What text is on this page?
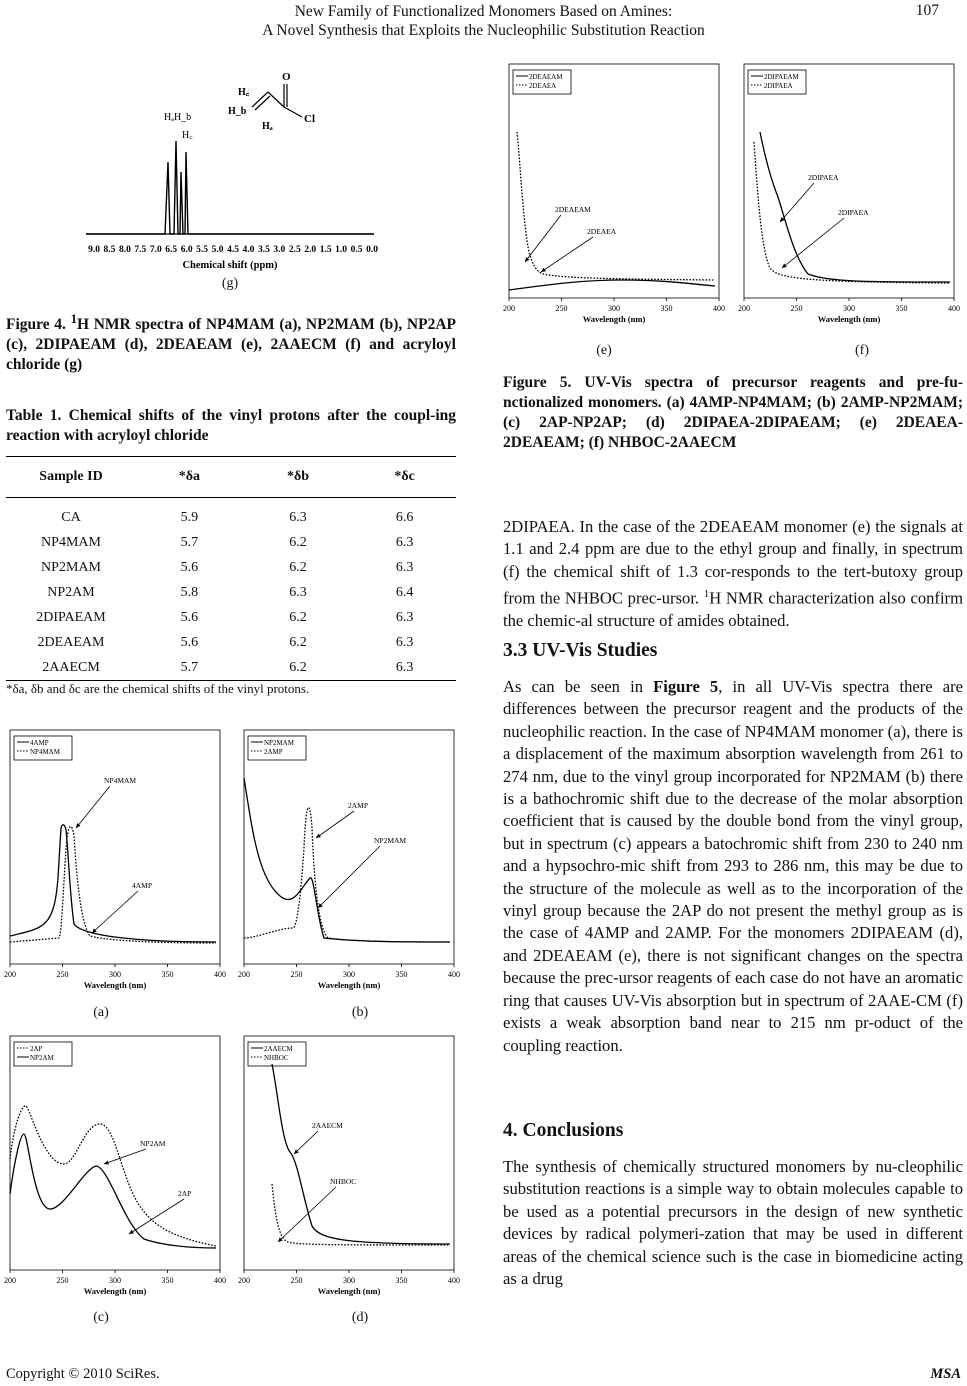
New Family of Functionalized Monomers Based on Amines:
A Novel Synthesis that Exploits the Nucleophilic Substitution Reaction
107
HₐH_b
H꜀
O
Cl
H꜀
H_b
Hₐ
9.0 8.5 8.0 7.5 7.0 6.5 6.0 5.5 5.0 4.5 4.0 3.5 3.0 2.5 2.0 1.5 1.0 0.5 0.0
Chemical shift (ppm)
(g)
Figure 4. $^1$H NMR spectra of NP4MAM (a), NP2MAM (b), NP2AP (c), 2DIPAEAM (d), 2DEAEAM (e), 2AAECM (f) and acryloyl chloride (g)
Table 1. Chemical shifts of the vinyl protons after the coupl-ing reaction with acryloyl chloride
Sample ID	*δa	*δb	*δc
CA	5.9	6.3	6.6
NP4MAM	5.7	6.2	6.3
NP2MAM	5.6	6.2	6.3
NP2AM	5.8	6.3	6.4
2DIPAEAM	5.6	6.2	6.3
2DEAEAM	5.6	6.2	6.3
2AAECM	5.7	6.2	6.3
*δa, δb and δc are the chemical shifts of the vinyl protons.
4AMP
NP4MAM
NP4MAM
4AMP
200	250	300	350	400
Wavelength (nm)
(a)
NP2MAM
2AMP
2AMP
NP2MAM
200	250	300	350	400
Wavelength (nm)
(b)
2AP
NP2AM
NP2AM
2AP
200	250	300	350	400
Wavelength (nm)
(c)
2AAECM
NHBOC
2AAECM
NHBOC
200	250	300	350	400
Wavelength (nm)
(d)
2DEAEAM
2DEAEA
2DEAEAM
2DEAEA
200	250	300	350	400
Wavelength (nm)
(e)
2DIPAEAM
2DIPAEA
2DIPAEA
2DIPAEA
200	250	300	350	400
Wavelength (nm)
(f)
Figure 5. UV-Vis spectra of precursor reagents and pre-fu-nctionalized monomers. (a) 4AMP-NP4MAM; (b) 2AMP-NP2MAM; (c) 2AP-NP2AP; (d) 2DIPAEA-2DIPAEAM; (e) 2DEAEA-2DEAEAM; (f) NHBOC-2AAECM
2DIPAEA. In the case of the 2DEAEAM monomer (e) the signals at 1.1 and 2.4 ppm are due to the ethyl group and finally, in spectrum (f) the chemical shift of 1.3 cor-responds to the tert-butoxy group from the NHBOC prec-ursor. $^1$H NMR characterization also confirm the chemic-al structure of amides obtained.
3.3 UV-Vis Studies
As can be seen in Figure 5, in all UV-Vis spectra there are differences between the precursor reagent and the products of the nucleophilic reaction. In the case of NP4MAM monomer (a), there is a displacement of the maximum absorption wavelength from 261 to 274 nm, due to the vinyl group incorporated for NP2MAM (b) there is a bathochromic shift due to the decrease of the molar absorption coefficient that is caused by the double bond from the vinyl group, but in spectrum (c) appears a batochromic shift from 230 to 240 nm and a hypsochro-mic shift from 293 to 286 nm, this may be due to the structure of the molecule as well as to the incorporation of the vinyl group because the 2AP do not present the methyl group as is the case of 4AMP and 2AMP. For the monomers 2DIPAEAM (d), and 2DEAEAM (e), there is not significant changes on the spectra because the prec-ursor reagents of each case do not have an aromatic ring that causes UV-Vis absorption but in spectrum of 2AAE-CM (f) exists a weak absorption band near to 215 nm pr-oduct of the coupling reaction.
4. Conclusions
The synthesis of chemically structured monomers by nu-cleophilic substitution reactions is a simple way to obtain molecules capable to be used as a potential precursors in the design of new synthetic devices by radical polymeri-zation that may be used in different areas of the chemical science such is the case in biomedicine acting as a drug
Copyright © 2010 SciRes.	MSA
